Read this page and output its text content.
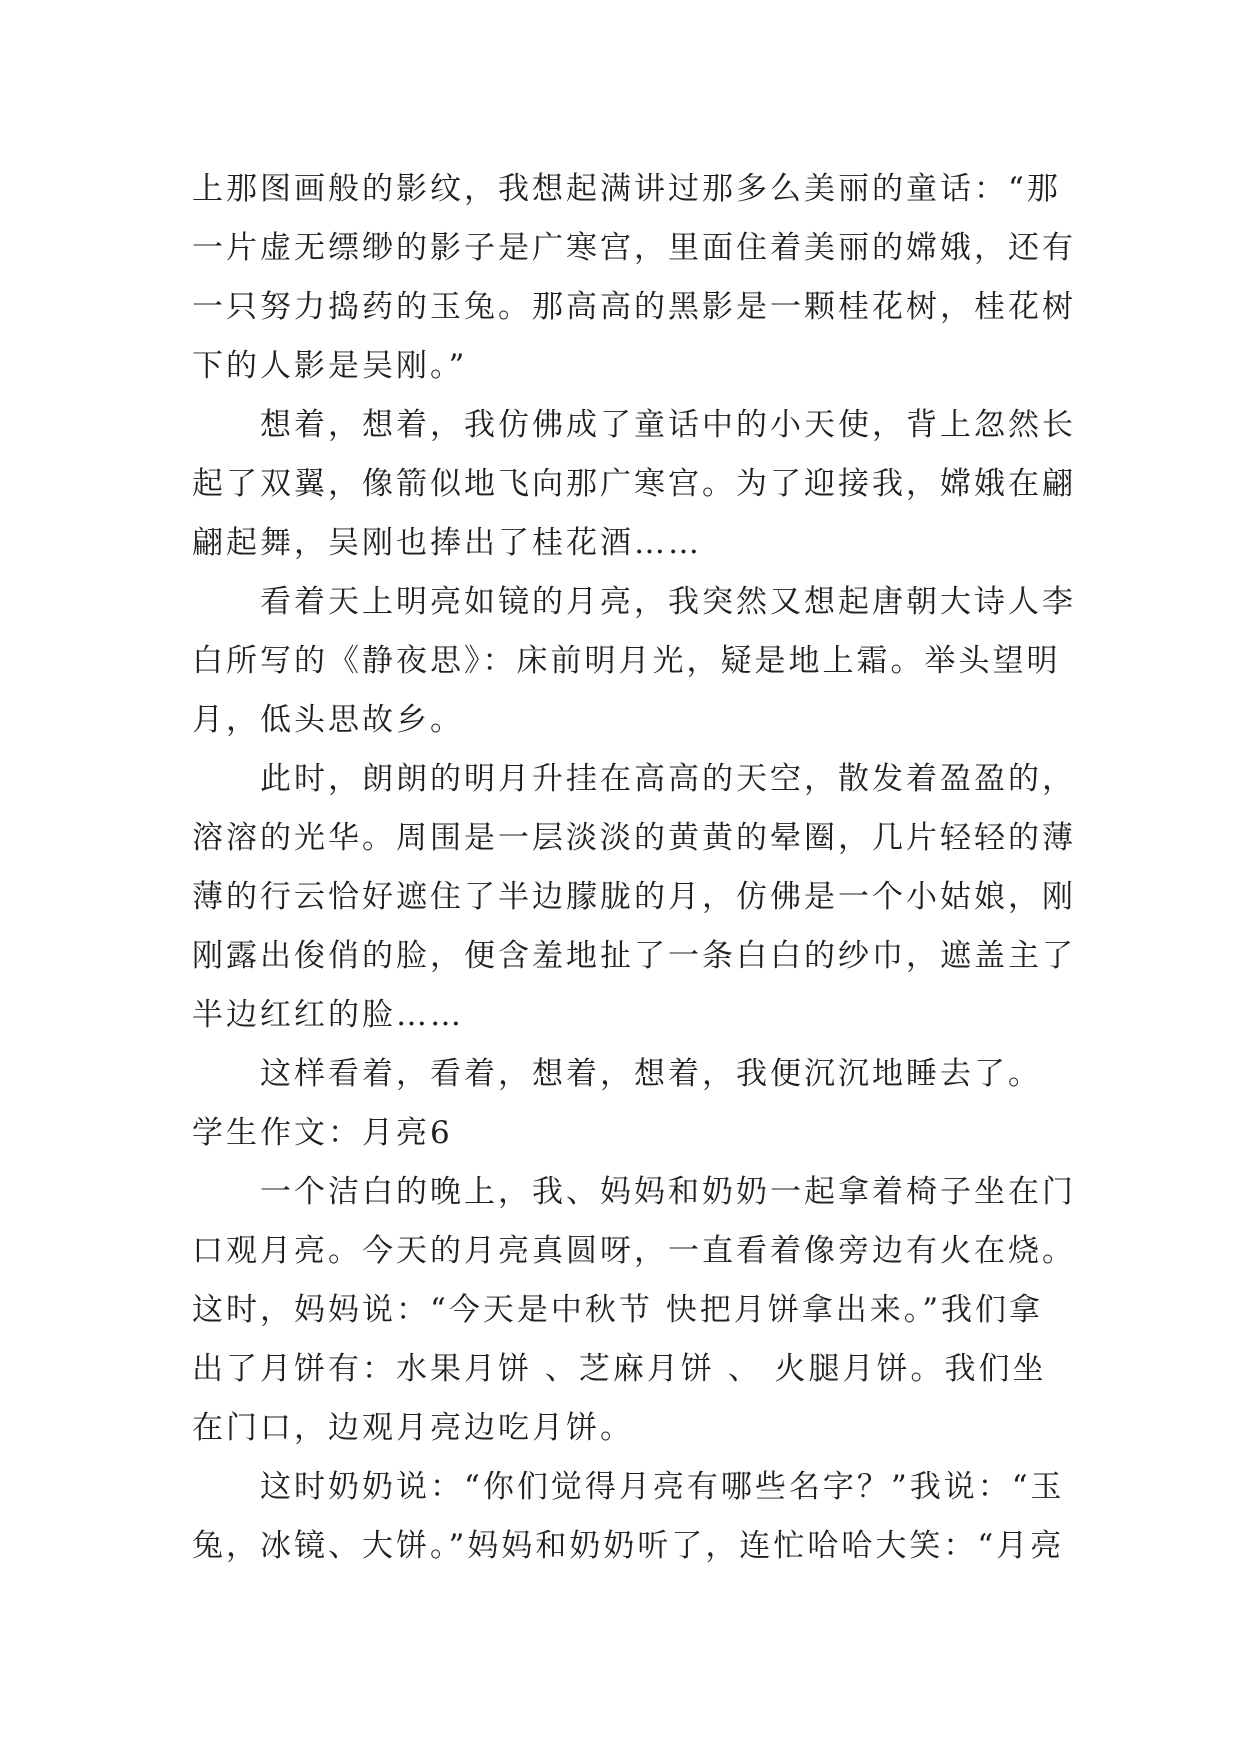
上那图画般的影纹，我想起满讲过那多么美丽的童话：“那
一片虚无缥缈的影子是广寒宫，里面住着美丽的嫦娥，还有
一只努力捣药的玉兔。那高高的黑影是一颗桂花树，桂花树
下的人影是吴刚。”
　　想着，想着，我仿佛成了童话中的小天使，背上忽然长
起了双翼，像箭似地飞向那广寒宫。为了迎接我，嫦娥在翩
翩起舞，吴刚也捧出了桂花酒……
　　看着天上明亮如镜的月亮，我突然又想起唐朝大诗人李
白所写的《静夜思》：床前明月光，疑是地上霜。举头望明
月，低头思故乡。
　　此时，朗朗的明月升挂在高高的天空，散发着盈盈的，
溶溶的光华。周围是一层淡淡的黄黄的晕圈，几片轻轻的薄
薄的行云恰好遮住了半边朦胧的月，仿佛是一个小姑娘，刚
刚露出俊俏的脸，便含羞地扯了一条白白的纱巾，遮盖主了
半边红红的脸……
　　这样看着，看着，想着，想着，我便沉沉地睡去了。
学生作文：月亮6
　　一个洁白的晚上，我、妈妈和奶奶一起拿着椅子坐在门
口观月亮。今天的月亮真圆呀，一直看着像旁边有火在烧。
这时，妈妈说：“今天是中秋节 快把月饼拿出来。”我们拿
出了月饼有：水果月饼 、芝麻月饼 、 火腿月饼。我们坐
在门口，边观月亮边吃月饼。
　　这时奶奶说：“你们觉得月亮有哪些名字？”我说：“玉
兔，冰镜、大饼。”妈妈和奶奶听了，连忙哈哈大笑：“月亮
